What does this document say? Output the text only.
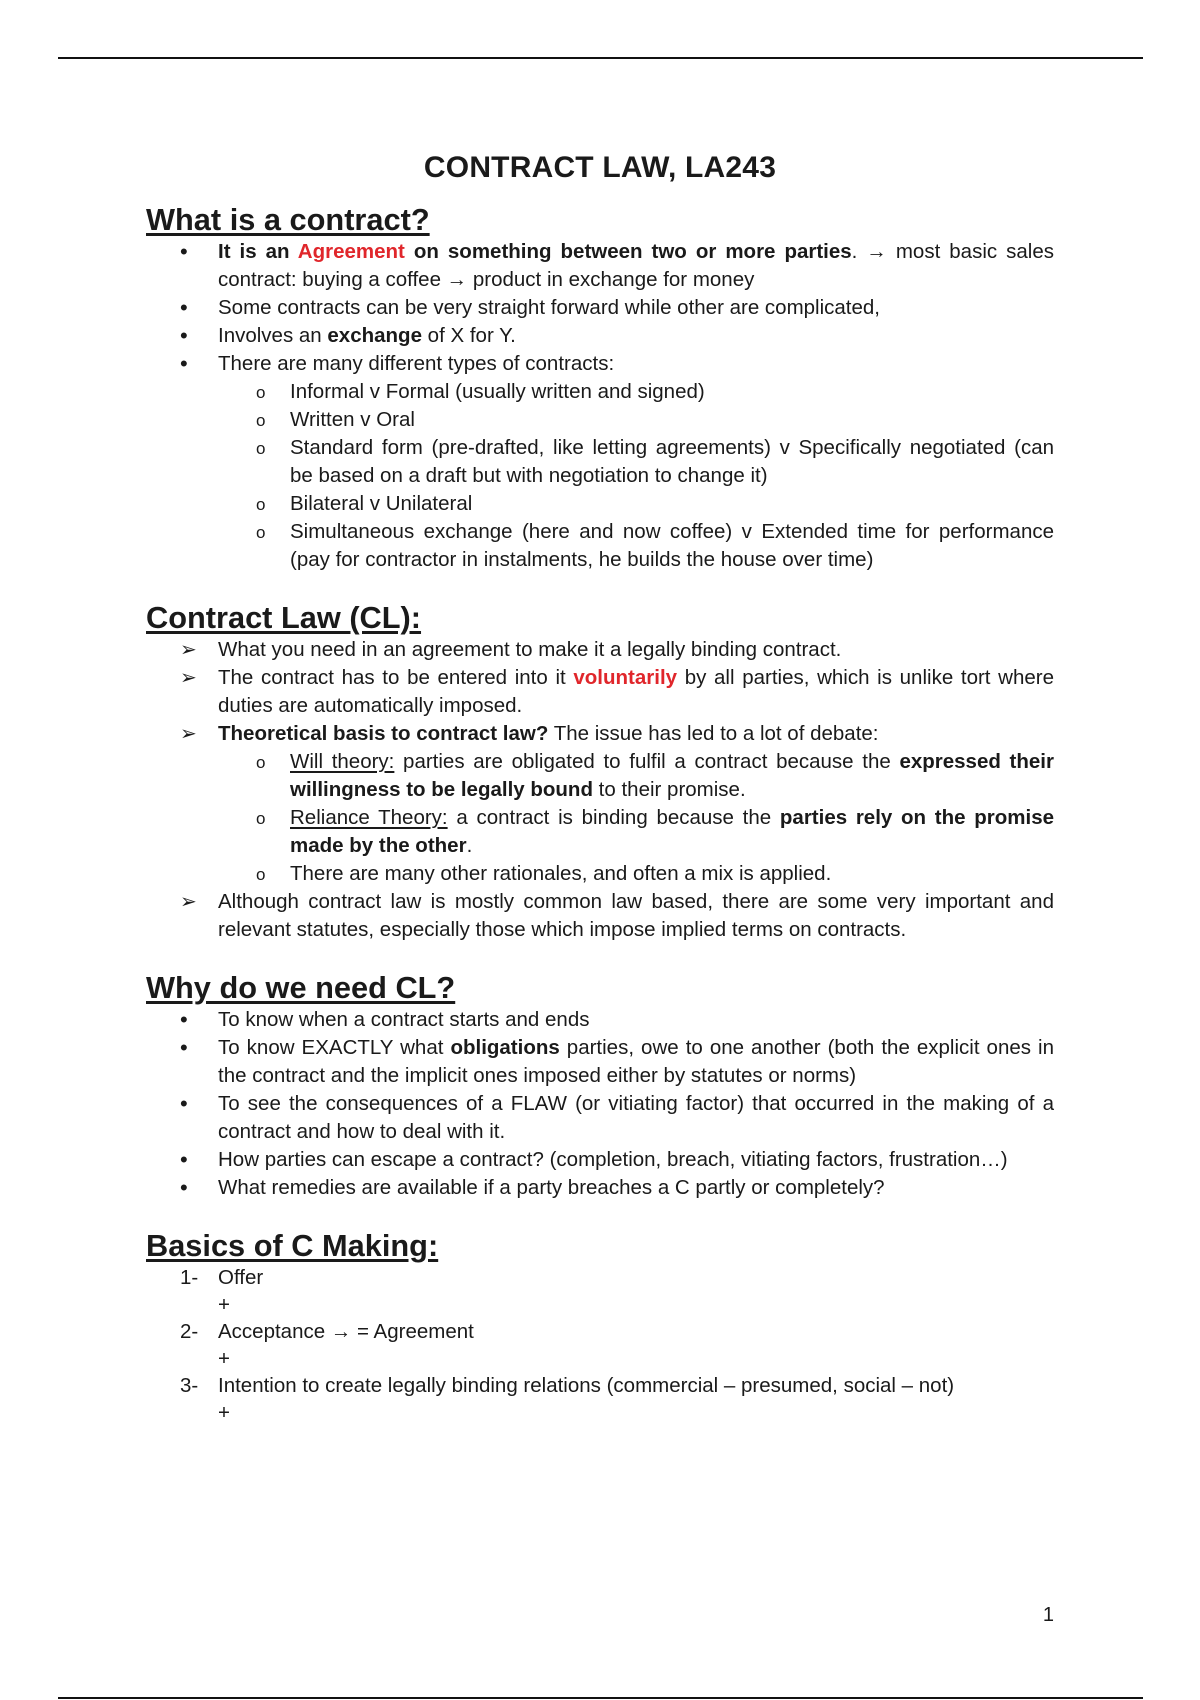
CONTRACT LAW, LA243
What is a contract?
•
It is an Agreement on something between two or more parties. → most basic sales contract: buying a coffee → product in exchange for money
•
Some contracts can be very straight forward while other are complicated,
•
Involves an exchange of X for Y.
•
There are many different types of contracts:
o
Informal v Formal (usually written and signed)
o
Written v Oral
o
Standard form (pre-drafted, like letting agreements) v Specifically negotiated (can be based on a draft but with negotiation to change it)
o
Bilateral v Unilateral
o
Simultaneous exchange (here and now coffee) v Extended time for performance (pay for contractor in instalments, he builds the house over time)
Contract Law (CL):
➢
What you need in an agreement to make it a legally binding contract.
➢
The contract has to be entered into it voluntarily by all parties, which is unlike tort where duties are automatically imposed.
➢
Theoretical basis to contract law? The issue has led to a lot of debate:
o
Will theory: parties are obligated to fulfil a contract because the expressed their willingness to be legally bound to their promise.
o
Reliance Theory: a contract is binding because the parties rely on the promise made by the other.
o
There are many other rationales, and often a mix is applied.
➢
Although contract law is mostly common law based, there are some very important and relevant statutes, especially those which impose implied terms on contracts.
Why do we need CL?
•
To know when a contract starts and ends
•
To know EXACTLY what obligations parties, owe to one another (both the explicit ones in the contract and the implicit ones imposed either by statutes or norms)
•
To see the consequences of a FLAW (or vitiating factor) that occurred in the making of a contract and how to deal with it.
•
How parties can escape a contract? (completion, breach, vitiating factors, frustration…)
•
What remedies are available if a party breaches a C partly or completely?
Basics of C Making:
1- Offer
+
2- Acceptance → = Agreement
+
3- Intention to create legally binding relations (commercial – presumed, social – not)
+
1
